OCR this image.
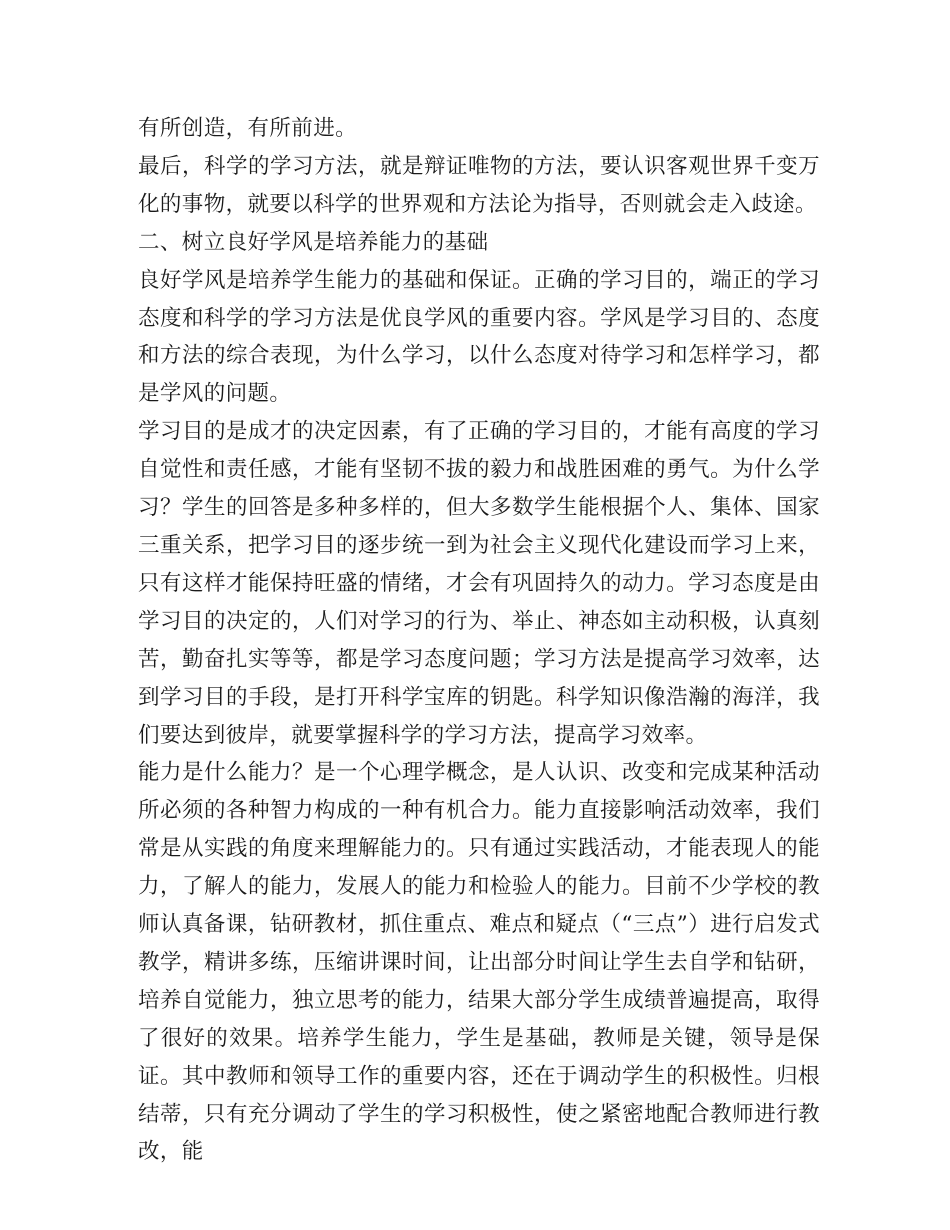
有所创造，有所前进。

最后，科学的学习方法，就是辩证唯物的方法，要认识客观世界千变万化的事物，就要以科学的世界观和方法论为指导，否则就会走入歧途。

二、树立良好学风是培养能力的基础

良好学风是培养学生能力的基础和保证。正确的学习目的，端正的学习态度和科学的学习方法是优良学风的重要内容。学风是学习目的、态度和方法的综合表现，为什么学习，以什么态度对待学习和怎样学习，都是学风的问题。

学习目的是成才的决定因素，有了正确的学习目的，才能有高度的学习自觉性和责任感，才能有坚韧不拔的毅力和战胜困难的勇气。为什么学习？学生的回答是多种多样的，但大多数学生能根据个人、集体、国家三重关系，把学习目的逐步统一到为社会主义现代化建设而学习上来，只有这样才能保持旺盛的情绪，才会有巩固持久的动力。学习态度是由学习目的决定的，人们对学习的行为、举止、神态如主动积极，认真刻苦，勤奋扎实等等，都是学习态度问题；学习方法是提高学习效率，达到学习目的手段，是打开科学宝库的钥匙。科学知识像浩瀚的海洋，我们要达到彼岸，就要掌握科学的学习方法，提高学习效率。

能力是什么能力？是一个心理学概念，是人认识、改变和完成某种活动所必须的各种智力构成的一种有机合力。能力直接影响活动效率，我们常是从实践的角度来理解能力的。只有通过实践活动，才能表现人的能力，了解人的能力，发展人的能力和检验人的能力。目前不少学校的教师认真备课，钻研教材，抓住重点、难点和疑点（“三点”）进行启发式教学，精讲多练，压缩讲课时间，让出部分时间让学生去自学和钻研，培养自觉能力，独立思考的能力，结果大部分学生成绩普遍提高，取得了很好的效果。培养学生能力，学生是基础，教师是关键，领导是保证。其中教师和领导工作的重要内容，还在于调动学生的积极性。归根结蒂，只有充分调动了学生的学习积极性，使之紧密地配合教师进行教改，能
